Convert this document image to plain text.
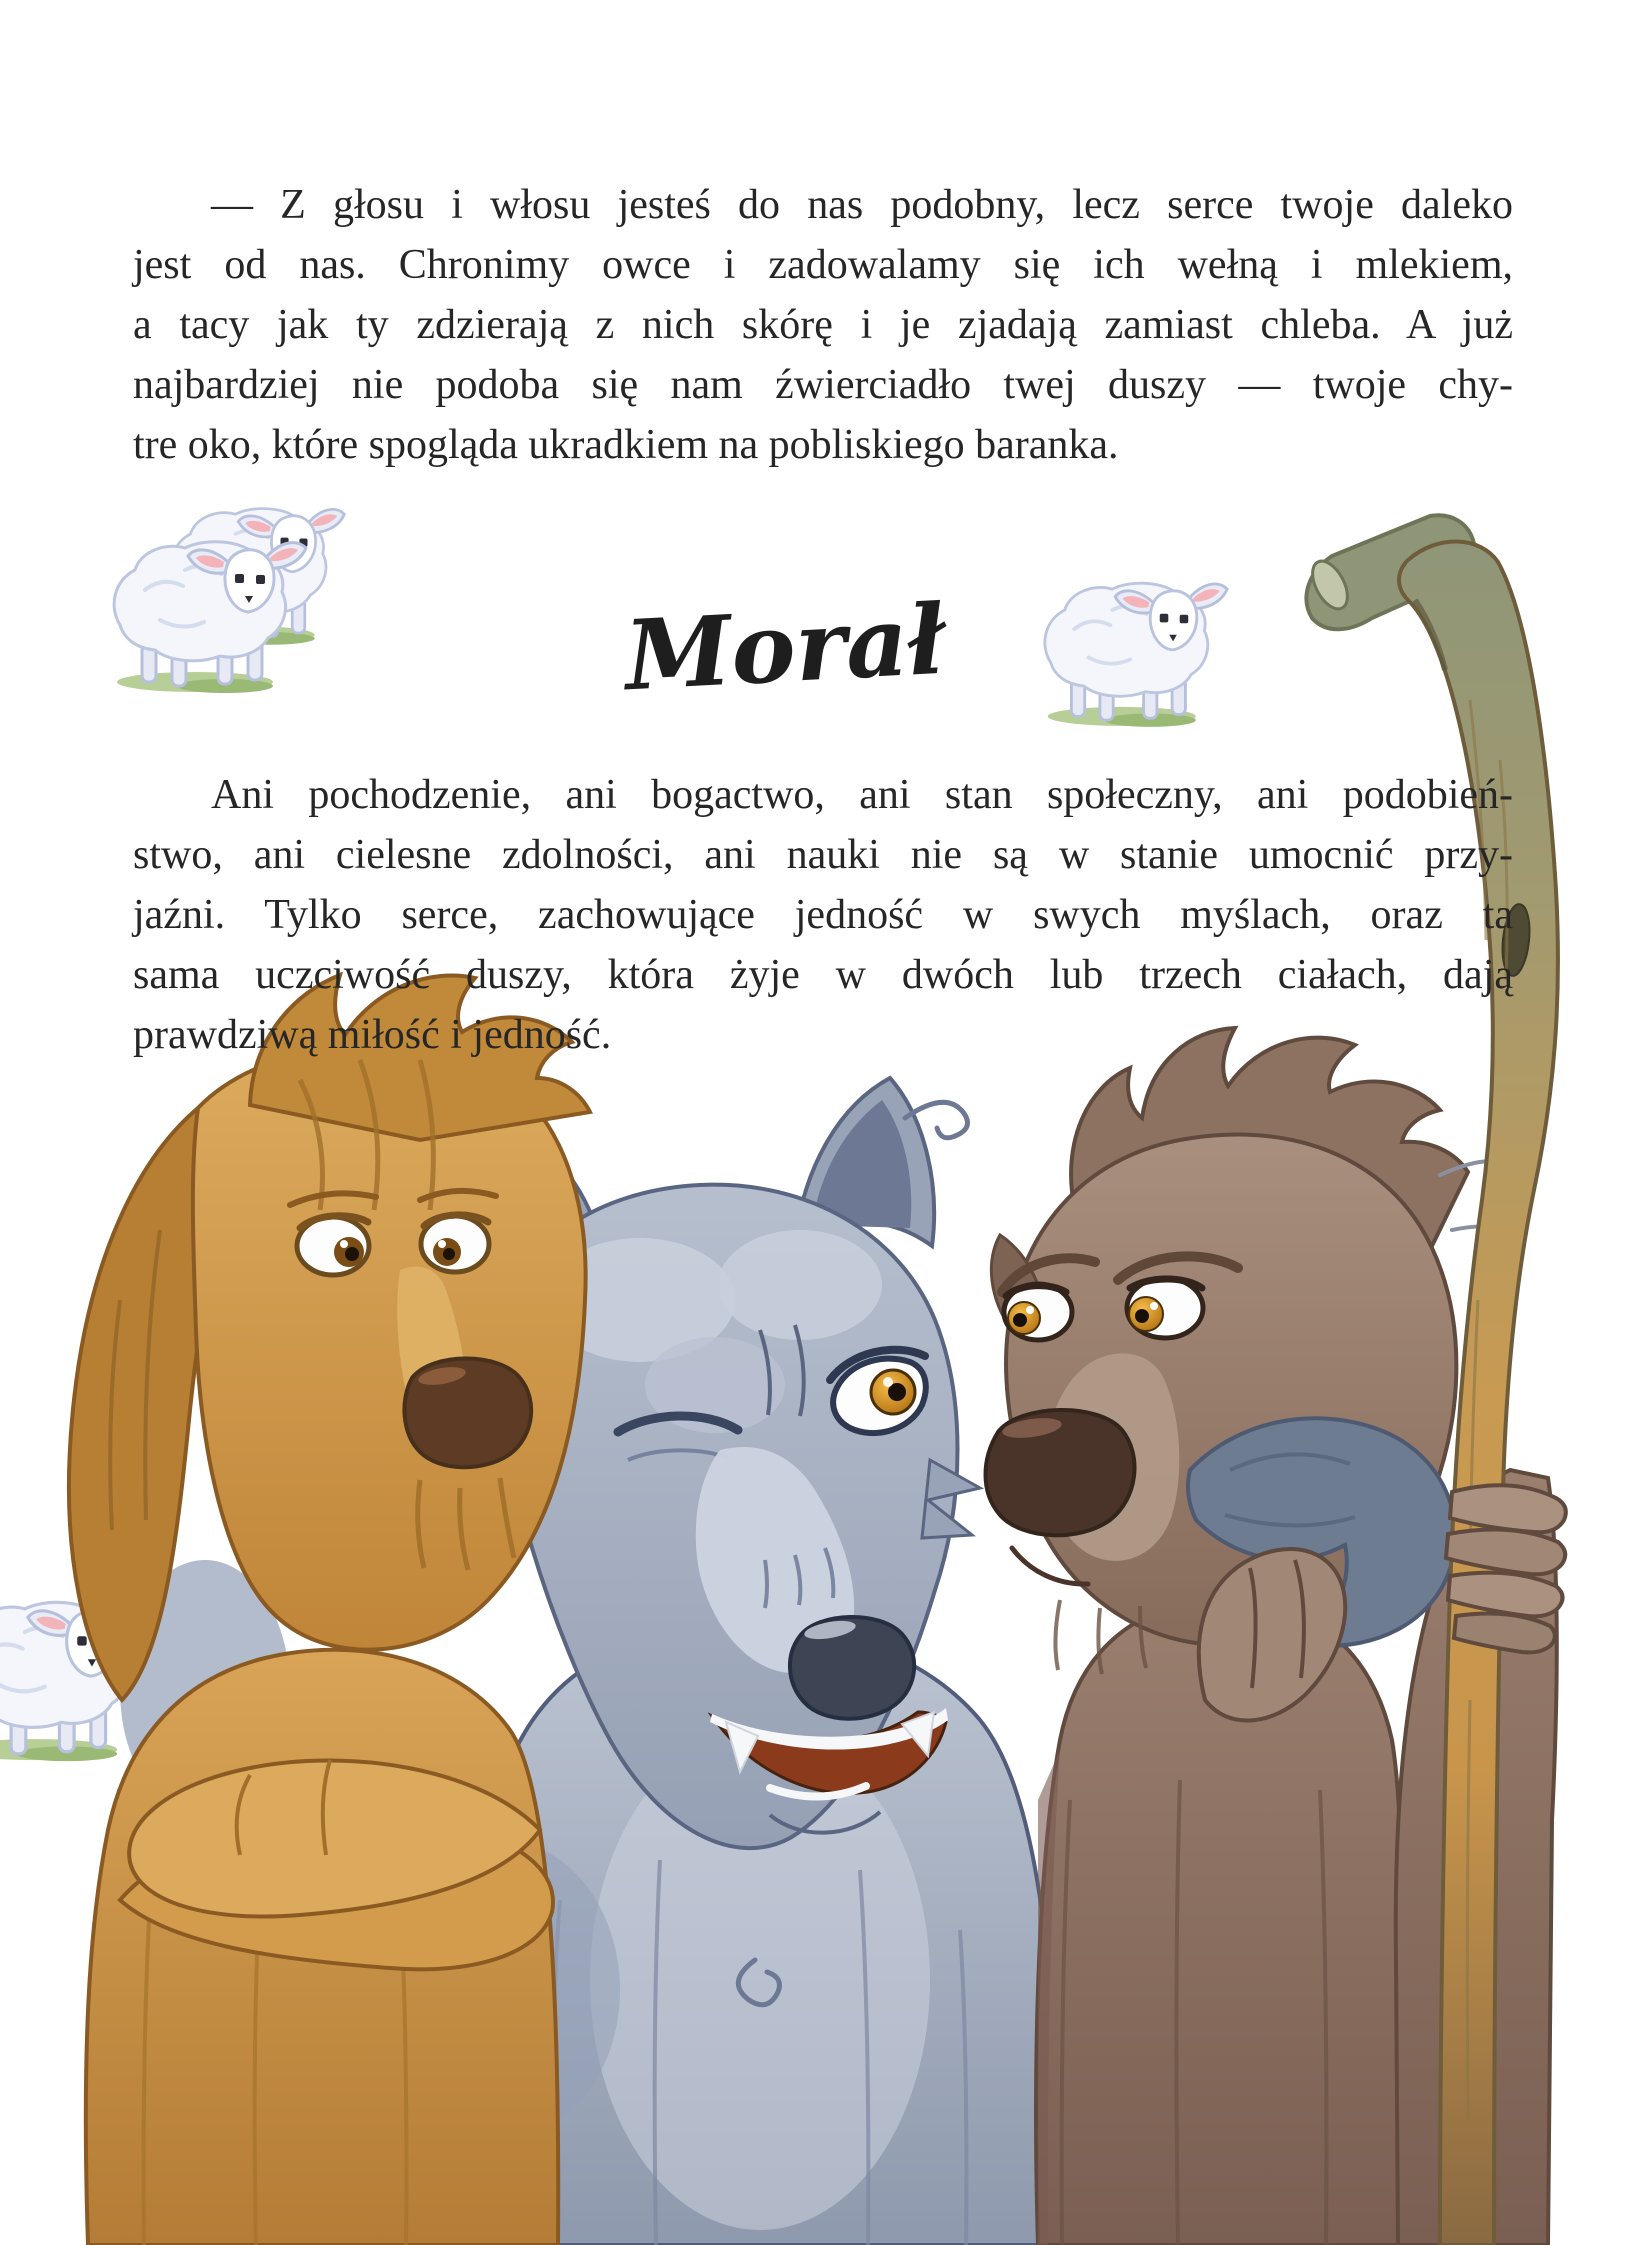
— Z głosu i włosu jesteś do nas podobny, lecz serce twoje daleko
jest od nas. Chronimy owce i zadowalamy się ich wełną i mlekiem,
a tacy jak ty zdzierają z nich skórę i je zjadają zamiast chleba. A już
najbardziej nie podoba się nam źwierciadło twej duszy — twoje chy-
tre oko, które spogląda ukradkiem na pobliskiego baranka.
Morał
Ani pochodzenie, ani bogactwo, ani stan społeczny, ani podobień-
stwo, ani cielesne zdolności, ani nauki nie są w stanie umocnić przy-
jaźni. Tylko serce, zachowujące jedność w swych myślach, oraz ta
sama uczciwość duszy, która żyje w dwóch lub trzech ciałach, dają
prawdziwą miłość i jedność.
